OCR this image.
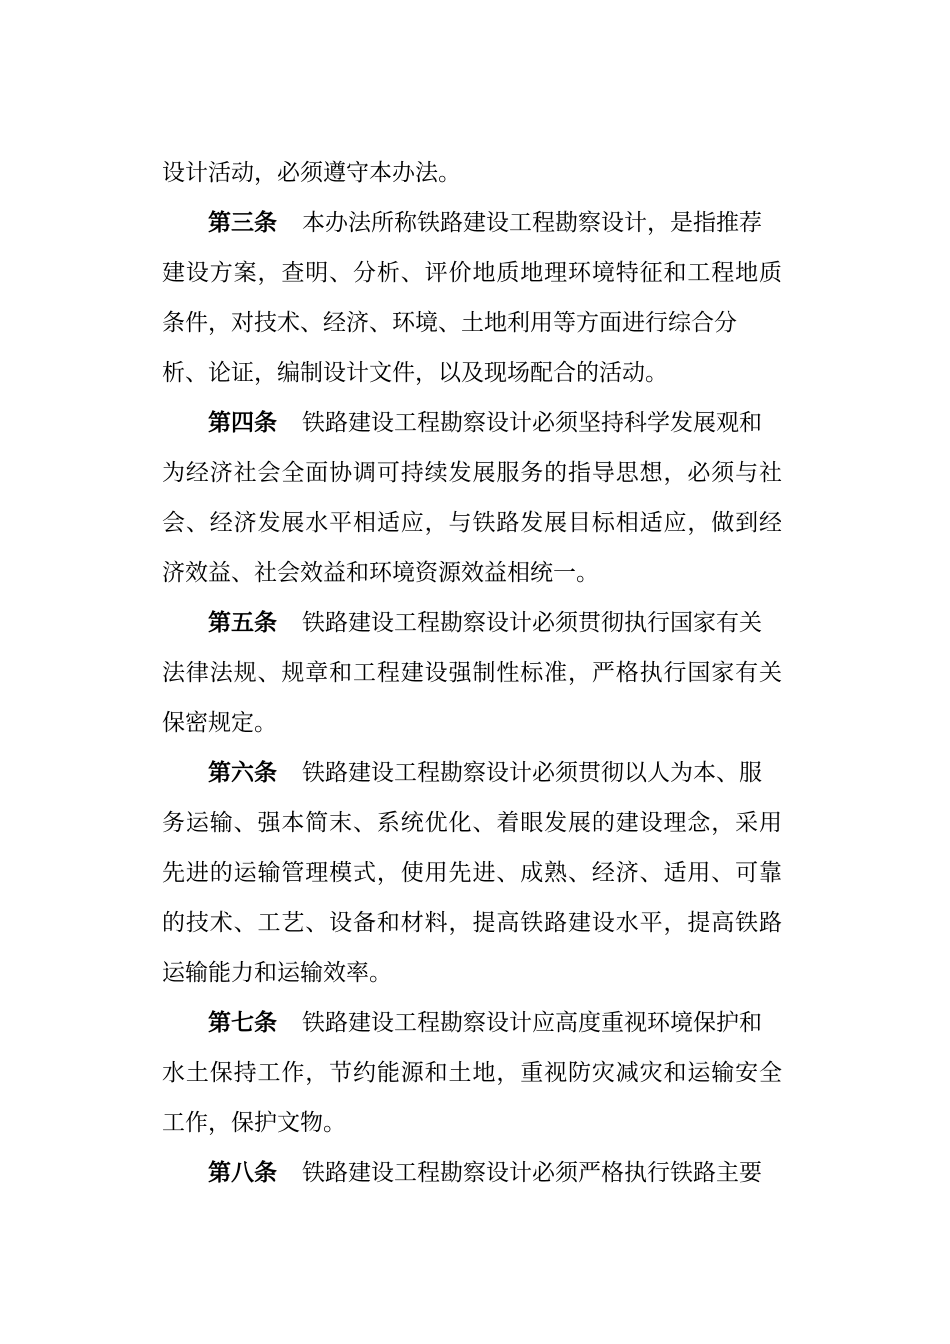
设计活动，必须遵守本办法。
第三条 本办法所称铁路建设工程勘察设计，是指推荐
建设方案，查明、分析、评价地质地理环境特征和工程地质
条件，对技术、经济、环境、土地利用等方面进行综合分
析、论证，编制设计文件，以及现场配合的活动。
第四条 铁路建设工程勘察设计必须坚持科学发展观和
为经济社会全面协调可持续发展服务的指导思想，必须与社
会、经济发展水平相适应，与铁路发展目标相适应，做到经
济效益、社会效益和环境资源效益相统一。
第五条 铁路建设工程勘察设计必须贯彻执行国家有关
法律法规、规章和工程建设强制性标准，严格执行国家有关
保密规定。
第六条 铁路建设工程勘察设计必须贯彻以人为本、服
务运输、强本简末、系统优化、着眼发展的建设理念，采用
先进的运输管理模式，使用先进、成熟、经济、适用、可靠
的技术、工艺、设备和材料，提高铁路建设水平，提高铁路
运输能力和运输效率。
第七条 铁路建设工程勘察设计应高度重视环境保护和
水土保持工作，节约能源和土地，重视防灾减灾和运输安全
工作，保护文物。
第八条 铁路建设工程勘察设计必须严格执行铁路主要
